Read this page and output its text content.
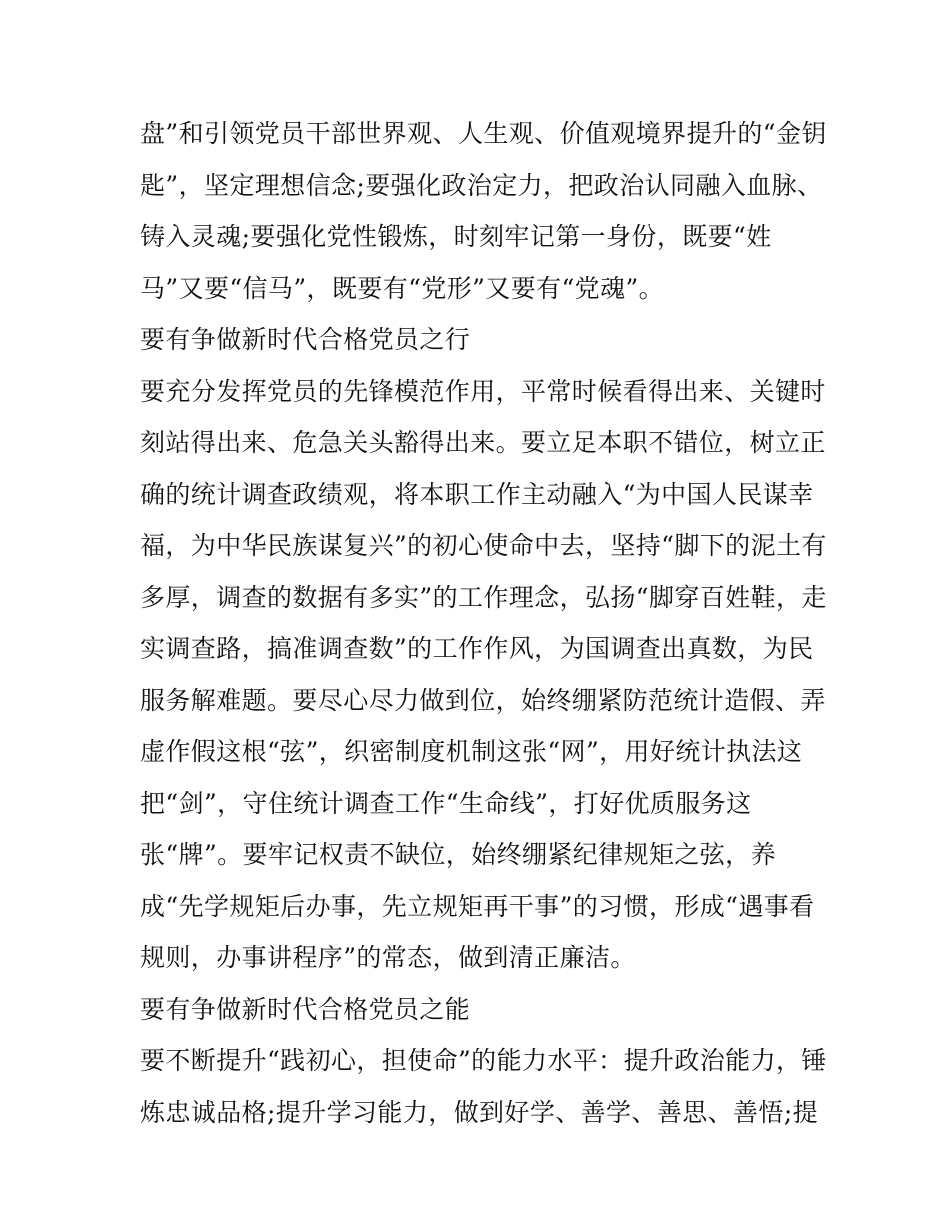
盘”和引领党员干部世界观、人生观、价值观境界提升的“金钥
匙”，坚定理想信念;要强化政治定力，把政治认同融入血脉、
铸入灵魂;要强化党性锻炼，时刻牢记第一身份，既要“姓
马”又要“信马”，既要有“党形”又要有“党魂”。
要有争做新时代合格党员之行
要充分发挥党员的先锋模范作用，平常时候看得出来、关键时
刻站得出来、危急关头豁得出来。要立足本职不错位，树立正
确的统计调查政绩观，将本职工作主动融入“为中国人民谋幸
福，为中华民族谋复兴”的初心使命中去，坚持“脚下的泥土有
多厚，调查的数据有多实”的工作理念，弘扬“脚穿百姓鞋，走
实调查路，搞准调查数”的工作作风，为国调查出真数，为民
服务解难题。要尽心尽力做到位，始终绷紧防范统计造假、弄
虚作假这根“弦”，织密制度机制这张“网”，用好统计执法这
把“剑”，守住统计调查工作“生命线”，打好优质服务这
张“牌”。要牢记权责不缺位，始终绷紧纪律规矩之弦，养
成“先学规矩后办事，先立规矩再干事”的习惯，形成“遇事看
规则，办事讲程序”的常态，做到清正廉洁。
要有争做新时代合格党员之能
要不断提升“践初心，担使命”的能力水平：提升政治能力，锤
炼忠诚品格;提升学习能力，做到好学、善学、善思、善悟;提
